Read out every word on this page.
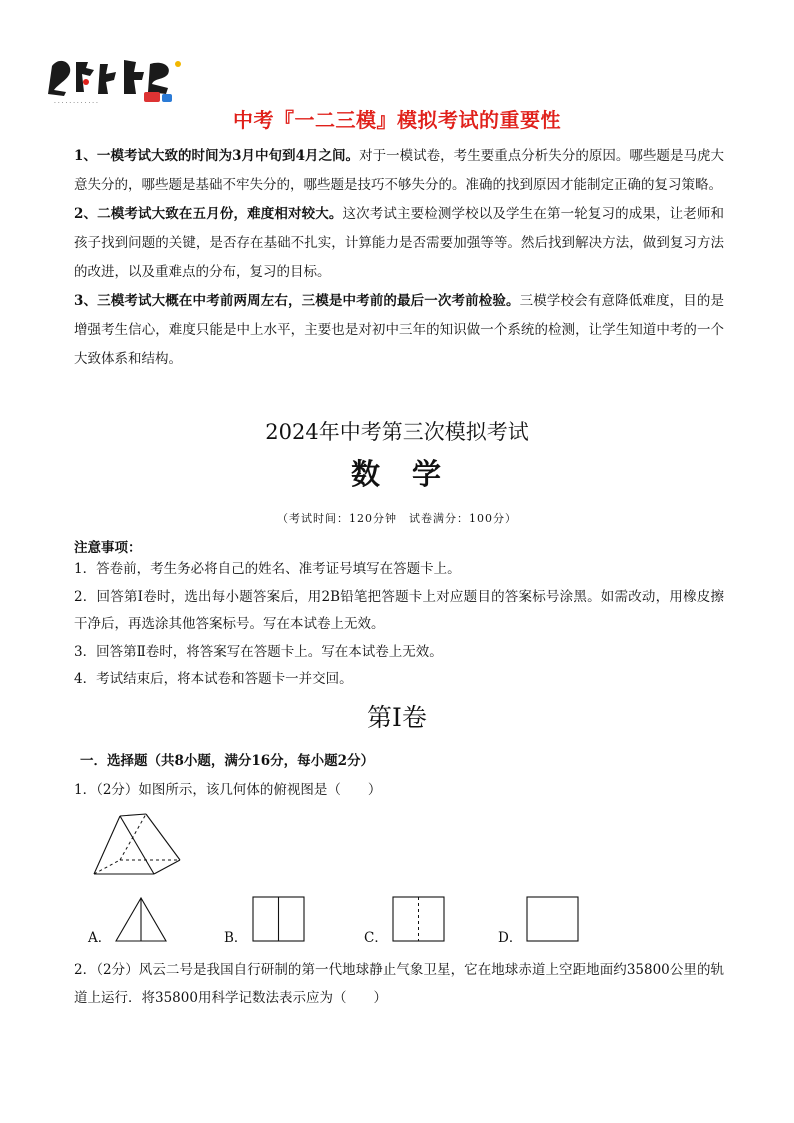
· · · · · · · · · · · ·
中考『一二三模』模拟考试的重要性

1、一模考试大致的时间为3月中旬到4月之间。对于一模试卷，考生要重点分析失分的原因。哪些题是马虎大意失分的，哪些题是基础不牢失分的，哪些题是技巧不够失分的。准确的找到原因才能制定正确的复习策略。

2、二模考试大致在五月份，难度相对较大。这次考试主要检测学校以及学生在第一轮复习的成果，让老师和孩子找到问题的关键，是否存在基础不扎实，计算能力是否需要加强等等。然后找到解决方法，做到复习方法的改进，以及重难点的分布，复习的目标。

3、三模考试大概在中考前两周左右，三模是中考前的最后一次考前检验。三模学校会有意降低难度，目的是增强考生信心，难度只能是中上水平，主要也是对初中三年的知识做一个系统的检测，让学生知道中考的一个大致体系和结构。

2024年中考第三次模拟考试
数 学
（考试时间：120分钟　试卷满分：100分）
注意事项：

1．答卷前，考生务必将自己的姓名、准考证号填写在答题卡上。

2．回答第Ⅰ卷时，选出每小题答案后，用2B铅笔把答题卡上对应题目的答案标号涂黑。如需改动，用橡皮擦干净后，再选涂其他答案标号。写在本试卷上无效。

3．回答第Ⅱ卷时，将答案写在答题卡上。写在本试卷上无效。

4．考试结束后，将本试卷和答题卡一并交回。

第Ⅰ卷
一．选择题（共8小题，满分16分，每小题2分）
1．（2分）如图所示，该几何体的俯视图是（　　）
A．	B．	C．	D．

2．（2分）风云二号是我国自行研制的第一代地球静止气象卫星，它在地球赤道上空距地面约35800公里的轨道上运行．将35800用科学记数法表示应为（　　）
